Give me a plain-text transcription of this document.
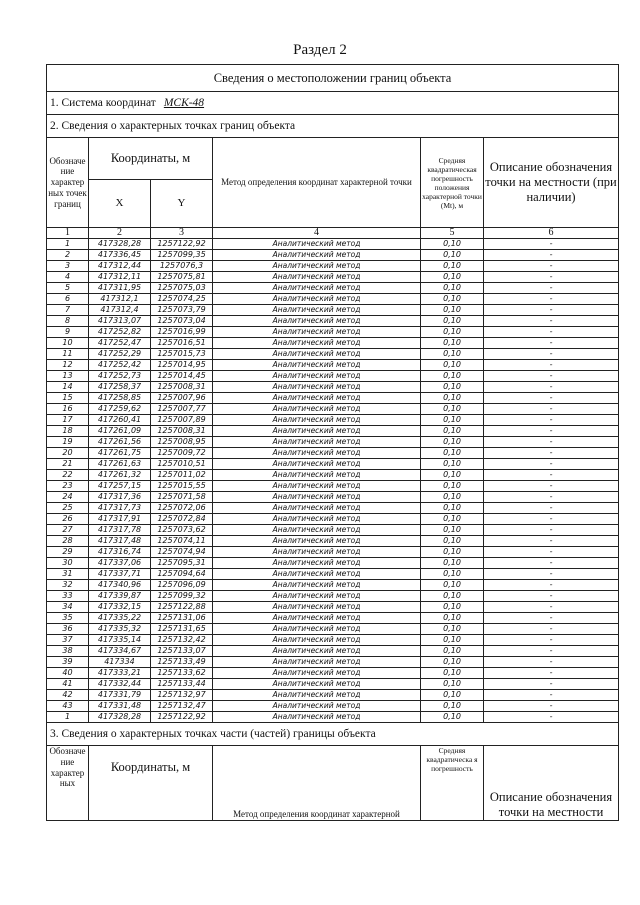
Раздел 2
Сведения о местоположении границ объекта					
1. Система координат МСК-48					
2. Сведения о характерных точках границ объекта					
Обозначе ние характер ных точек границ	Координаты, м		Метод определения координат характерной точки	Средняя квадратическая погрешность положения характерной точки (Мt), м	Описание обозначения точки на местности (при наличии)
	X	Y			
1	2	3	4	5	6
1	417328,28	1257122,92	Аналитический метод	0,10	-
2	417336,45	1257099,35	Аналитический метод	0,10	-
3	417312,44	1257076,3	Аналитический метод	0,10	-
4	417312,11	1257075,81	Аналитический метод	0,10	-
5	417311,95	1257075,03	Аналитический метод	0,10	-
6	417312,1	1257074,25	Аналитический метод	0,10	-
7	417312,4	1257073,79	Аналитический метод	0,10	-
8	417313,07	1257073,04	Аналитический метод	0,10	-
9	417252,82	1257016,99	Аналитический метод	0,10	-
10	417252,47	1257016,51	Аналитический метод	0,10	-
11	417252,29	1257015,73	Аналитический метод	0,10	-
12	417252,42	1257014,95	Аналитический метод	0,10	-
13	417252,73	1257014,45	Аналитический метод	0,10	-
14	417258,37	1257008,31	Аналитический метод	0,10	-
15	417258,85	1257007,96	Аналитический метод	0,10	-
16	417259,62	1257007,77	Аналитический метод	0,10	-
17	417260,41	1257007,89	Аналитический метод	0,10	-
18	417261,09	1257008,31	Аналитический метод	0,10	-
19	417261,56	1257008,95	Аналитический метод	0,10	-
20	417261,75	1257009,72	Аналитический метод	0,10	-
21	417261,63	1257010,51	Аналитический метод	0,10	-
22	417261,32	1257011,02	Аналитический метод	0,10	-
23	417257,15	1257015,55	Аналитический метод	0,10	-
24	417317,36	1257071,58	Аналитический метод	0,10	-
25	417317,73	1257072,06	Аналитический метод	0,10	-
26	417317,91	1257072,84	Аналитический метод	0,10	-
27	417317,78	1257073,62	Аналитический метод	0,10	-
28	417317,48	1257074,11	Аналитический метод	0,10	-
29	417316,74	1257074,94	Аналитический метод	0,10	-
30	417337,06	1257095,31	Аналитический метод	0,10	-
31	417337,71	1257094,64	Аналитический метод	0,10	-
32	417340,96	1257096,09	Аналитический метод	0,10	-
33	417339,87	1257099,32	Аналитический метод	0,10	-
34	417332,15	1257122,88	Аналитический метод	0,10	-
35	417335,22	1257131,06	Аналитический метод	0,10	-
36	417335,32	1257131,65	Аналитический метод	0,10	-
37	417335,14	1257132,42	Аналитический метод	0,10	-
38	417334,67	1257133,07	Аналитический метод	0,10	-
39	417334	1257133,49	Аналитический метод	0,10	-
40	417333,21	1257133,62	Аналитический метод	0,10	-
41	417332,44	1257133,44	Аналитический метод	0,10	-
42	417331,79	1257132,97	Аналитический метод	0,10	-
43	417331,48	1257132,47	Аналитический метод	0,10	-
1	417328,28	1257122,92	Аналитический метод	0,10	-
3. Сведения о характерных точках части (частей) границы объекта					
Обозначе ние характер ных	Координаты, м		Метод определения координат характерной	Средняя квадратическа я погрешность	Описание обозначения точки на местности
